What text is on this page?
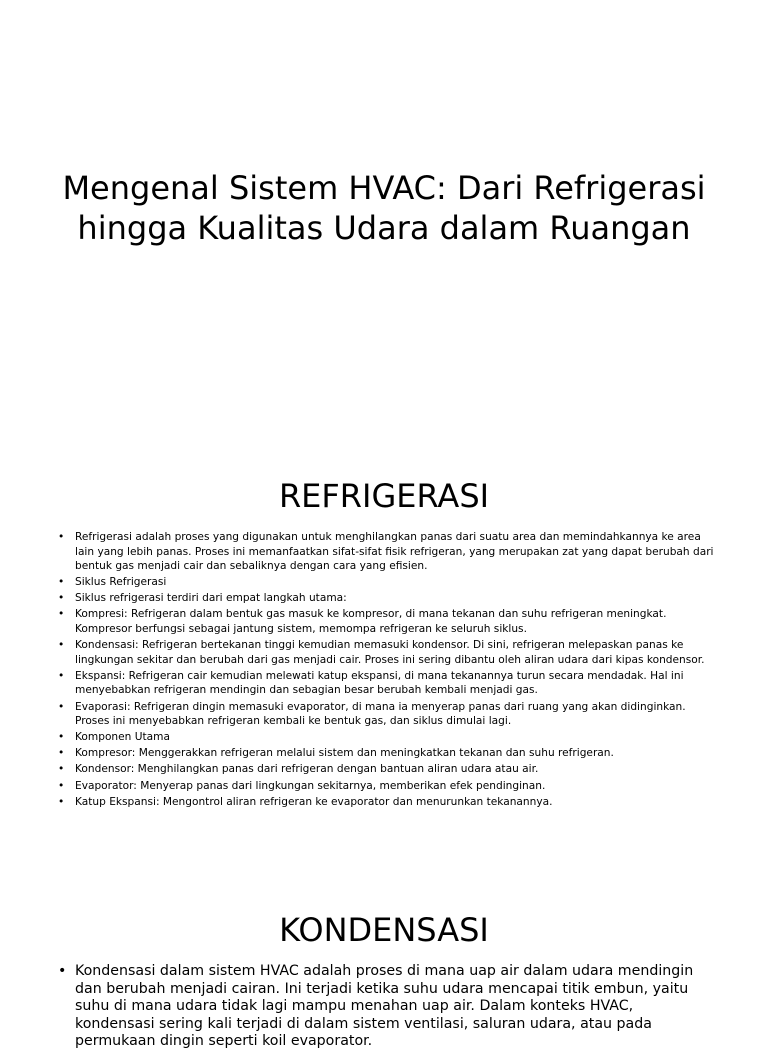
Mengenal Sistem HVAC: Dari Refrigerasi hingga Kualitas Udara dalam Ruangan
REFRIGERASI
• Refrigerasi adalah proses yang digunakan untuk menghilangkan panas dari suatu area dan memindahkannya ke area lain yang lebih panas. Proses ini memanfaatkan sifat-sifat fisik refrigeran, yang merupakan zat yang dapat berubah dari bentuk gas menjadi cair dan sebaliknya dengan cara yang efisien.
• Siklus Refrigerasi
• Siklus refrigerasi terdiri dari empat langkah utama:
• Kompresi: Refrigeran dalam bentuk gas masuk ke kompresor, di mana tekanan dan suhu refrigeran meningkat. Kompresor berfungsi sebagai jantung sistem, memompa refrigeran ke seluruh siklus.
• Kondensasi: Refrigeran bertekanan tinggi kemudian memasuki kondensor. Di sini, refrigeran melepaskan panas ke lingkungan sekitar dan berubah dari gas menjadi cair. Proses ini sering dibantu oleh aliran udara dari kipas kondensor.
• Ekspansi: Refrigeran cair kemudian melewati katup ekspansi, di mana tekanannya turun secara mendadak. Hal ini menyebabkan refrigeran mendingin dan sebagian besar berubah kembali menjadi gas.
• Evaporasi: Refrigeran dingin memasuki evaporator, di mana ia menyerap panas dari ruang yang akan didinginkan. Proses ini menyebabkan refrigeran kembali ke bentuk gas, dan siklus dimulai lagi.
• Komponen Utama
• Kompresor: Menggerakkan refrigeran melalui sistem dan meningkatkan tekanan dan suhu refrigeran.
• Kondensor: Menghilangkan panas dari refrigeran dengan bantuan aliran udara atau air.
• Evaporator: Menyerap panas dari lingkungan sekitarnya, memberikan efek pendinginan.
• Katup Ekspansi: Mengontrol aliran refrigeran ke evaporator dan menurunkan tekanannya.
KONDENSASI
• Kondensasi dalam sistem HVAC adalah proses di mana uap air dalam udara mendingin dan berubah menjadi cairan. Ini terjadi ketika suhu udara mencapai titik embun, yaitu suhu di mana udara tidak lagi mampu menahan uap air. Dalam konteks HVAC, kondensasi sering kali terjadi di dalam sistem ventilasi, saluran udara, atau pada permukaan dingin seperti koil evaporator.
